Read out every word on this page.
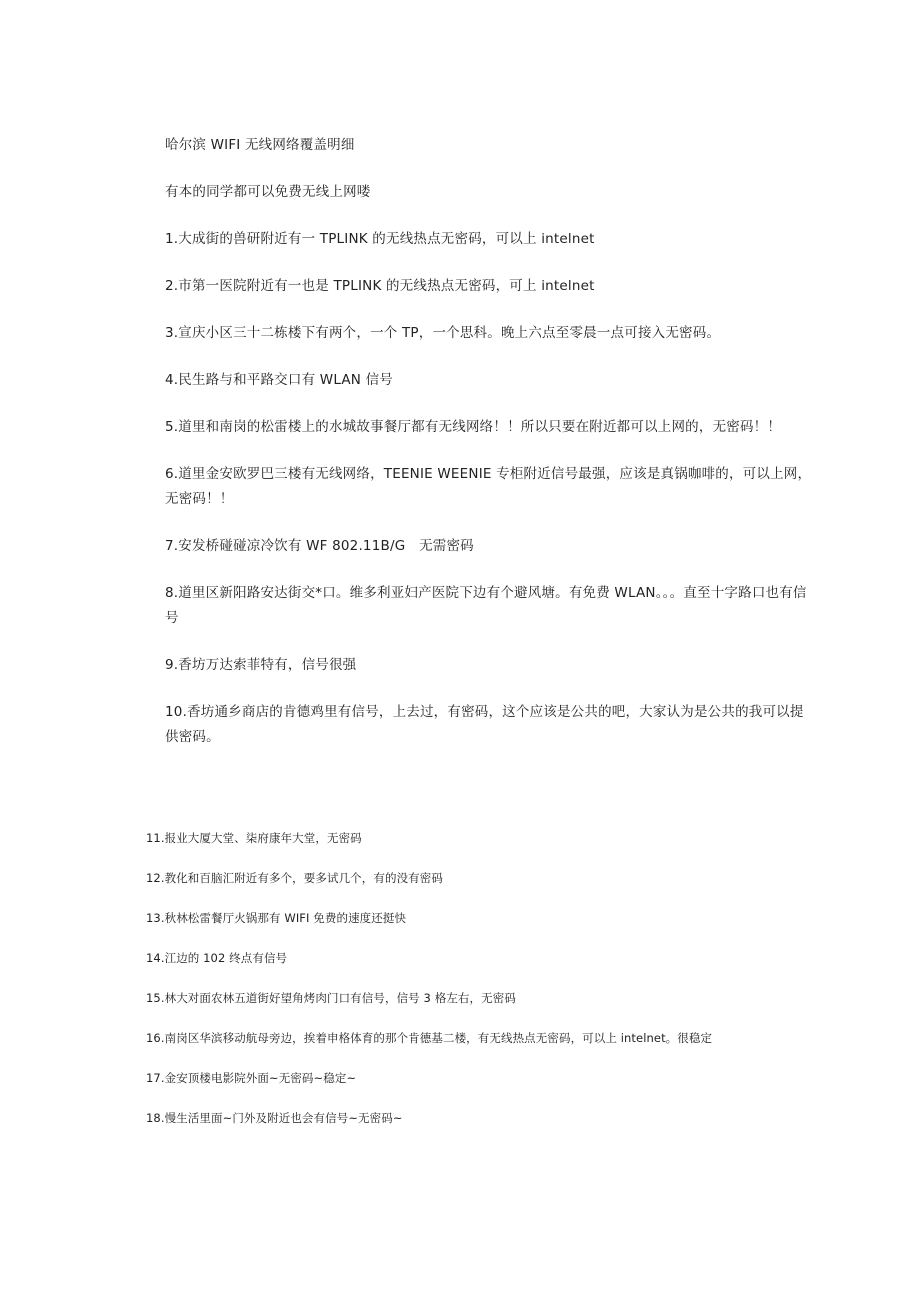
哈尔滨 WIFI 无线网络覆盖明细

有本的同学都可以免费无线上网喽

1.大成街的兽研附近有一 TPLINK 的无线热点无密码，可以上 intelnet

2.市第一医院附近有一也是 TPLINK 的无线热点无密码，可上 intelnet

3.宣庆小区三十二栋楼下有两个，一个 TP，一个思科。晚上六点至零晨一点可接入无密码。

4.民生路与和平路交口有 WLAN 信号

5.道里和南岗的松雷楼上的水城故事餐厅都有无线网络！！所以只要在附近都可以上网的，无密码！！

6.道里金安欧罗巴三楼有无线网络，TEENIE WEENIE 专柜附近信号最强，应该是真锅咖啡的，可以上网，无密码！！

7.安发桥碰碰凉冷饮有 WF 802.11B/G　无需密码

8.道里区新阳路安达街交*口。维多利亚妇产医院下边有个避风塘。有免费 WLAN。。。直至十字路口也有信号

9.香坊万达索菲特有，信号很强

10.香坊通乡商店的肯德鸡里有信号，上去过，有密码，这个应该是公共的吧，大家认为是公共的我可以提供密码。

11.报业大厦大堂、柒府康年大堂，无密码

12.教化和百脑汇附近有多个，要多试几个，有的没有密码

13.秋林松雷餐厅火锅那有 WIFI 免费的速度还挺快

14.江边的 102 终点有信号

15.林大对面农林五道街好望角烤肉门口有信号，信号 3 格左右，无密码

16.南岗区华滨移动航母旁边，挨着申格体育的那个肯德基二楼，有无线热点无密码，可以上 intelnet。很稳定

17.金安顶楼电影院外面~无密码~稳定~

18.慢生活里面~门外及附近也会有信号~无密码~
